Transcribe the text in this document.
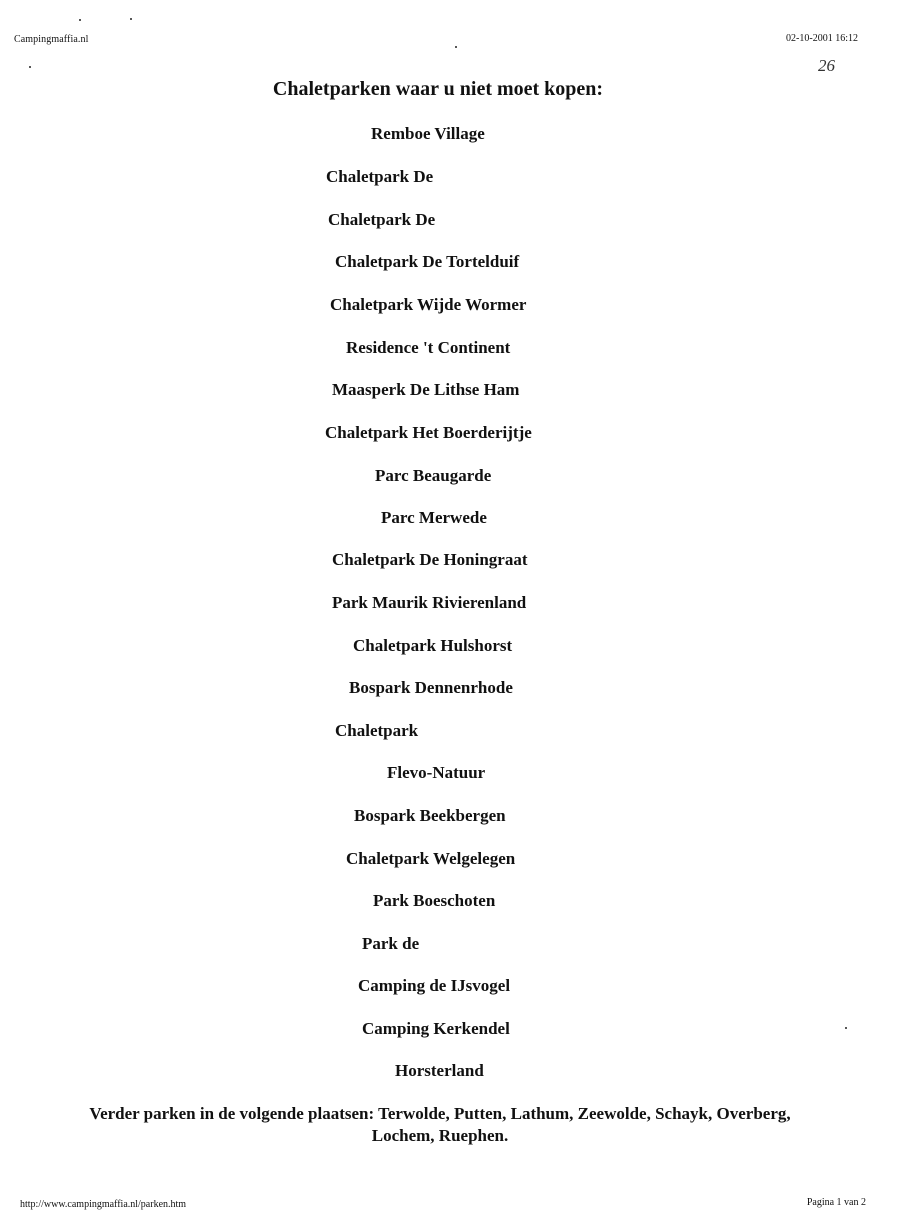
Campingmaffia.nl	02-10-2001 16:12
26
Chaletparken waar u niet moet kopen:
Remboe Village
Chaletpark De
Chaletpark De
Chaletpark De Tortelduif
Chaletpark Wijde Wormer
Residence 't Continent
Maasperk De Lithse Ham
Chaletpark Het Boerderijtje
Parc Beaugarde
Parc Merwede
Chaletpark De Honingraat
Park Maurik Rivierenland
Chaletpark Hulshorst
Bospark Dennenrhode
Chaletpark
Flevo-Natuur
Bospark Beekbergen
Chaletpark Welgelegen
Park Boeschoten
Park de
Camping de IJsvogel
Camping Kerkendel
Horsterland
Verder parken in de volgende plaatsen: Terwolde, Putten, Lathum, Zeewolde, Schayk, Overberg,
Lochem, Ruephen.
http://www.campingmaffia.nl/parken.htm	Pagina 1 van 2
